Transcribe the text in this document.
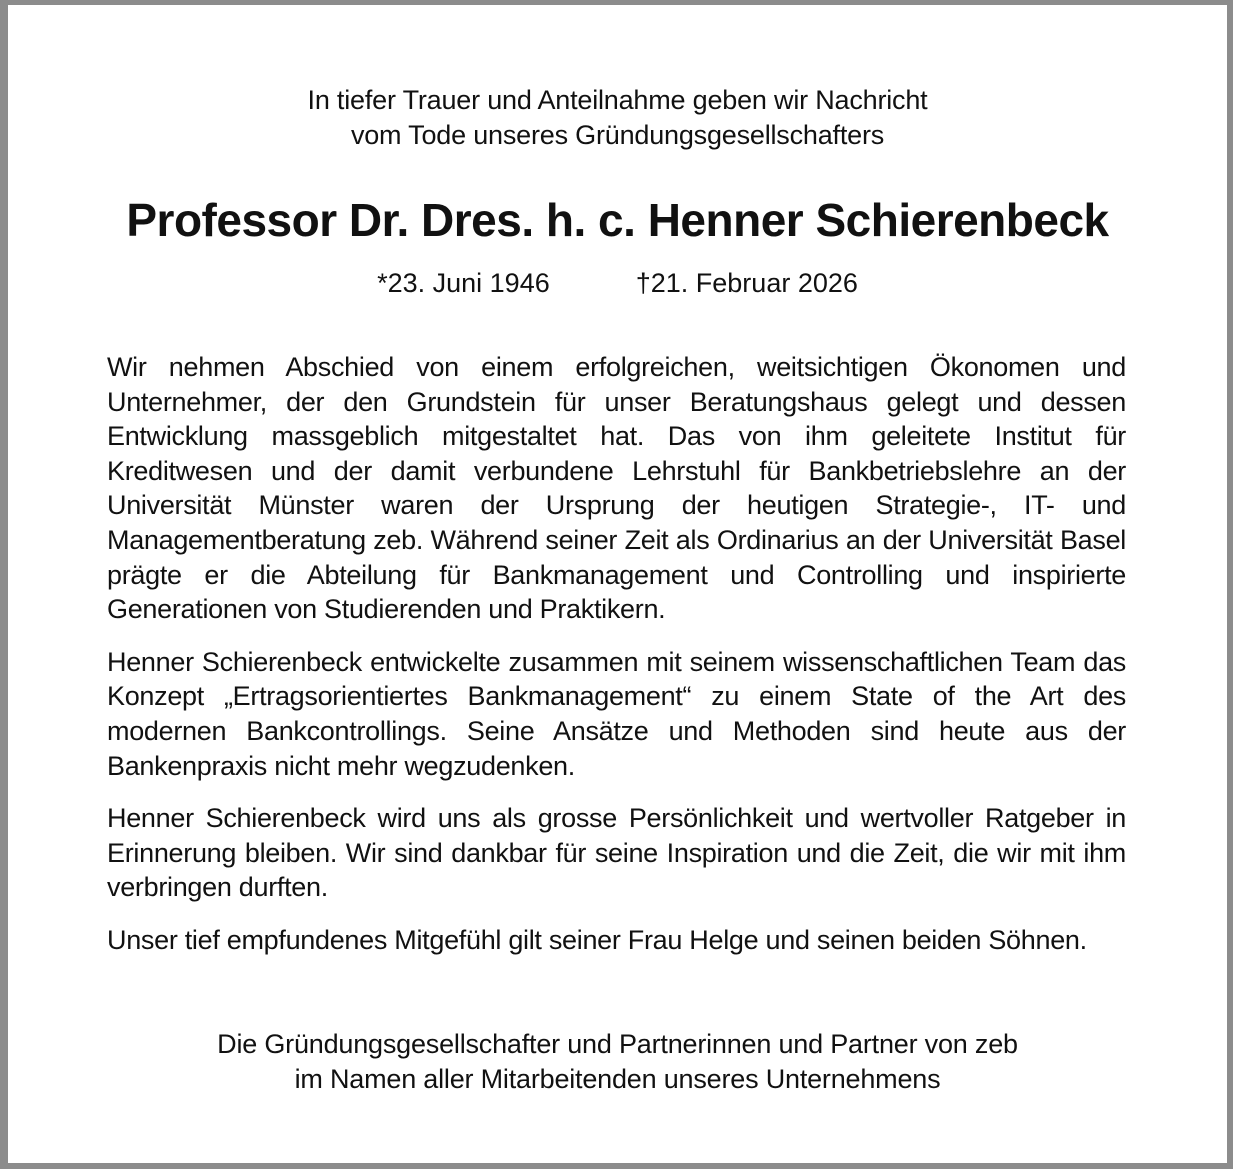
In tiefer Trauer und Anteilnahme geben wir Nachricht
vom Tode unseres Gründungsgesellschafters
Professor Dr. Dres. h. c. Henner Schierenbeck
*23. Juni 1946	†21. Februar 2026

Wir nehmen Abschied von einem erfolgreichen, weitsichtigen Ökonomen und Unternehmer, der den Grundstein für unser Beratungshaus gelegt und dessen Entwicklung massgeblich mitgestaltet hat. Das von ihm geleitete Institut für Kreditwesen und der damit verbundene Lehrstuhl für Bankbetriebslehre an der Universität Münster waren der Ursprung der heutigen Strategie-, IT- und Managementberatung zeb. Während seiner Zeit als Ordinarius an der Universität Basel prägte er die Abteilung für Bankmanagement und Controlling und inspirierte Generationen von Studierenden und Praktikern.

Henner Schierenbeck entwickelte zusammen mit seinem wissenschaftlichen Team das Konzept „Ertragsorientiertes Bankmanagement“ zu einem State of the Art des modernen Bankcontrollings. Seine Ansätze und Methoden sind heute aus der Bankenpraxis nicht mehr wegzudenken.

Henner Schierenbeck wird uns als grosse Persönlichkeit und wertvoller Ratgeber in Erinnerung bleiben. Wir sind dankbar für seine Inspiration und die Zeit, die wir mit ihm verbringen durften.

Unser tief empfundenes Mitgefühl gilt seiner Frau Helge und seinen beiden Söhnen.

Die Gründungsgesellschafter und Partnerinnen und Partner von zeb
im Namen aller Mitarbeitenden unseres Unternehmens
